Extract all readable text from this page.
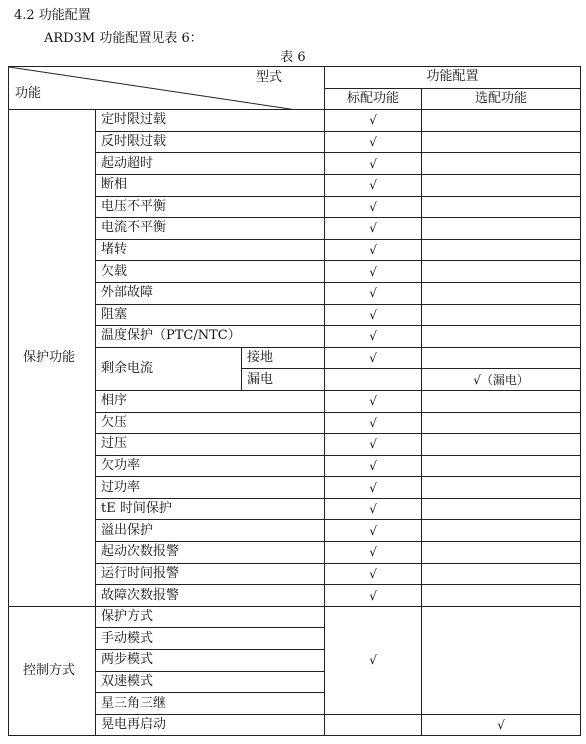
4.2 功能配置
ARD3M 功能配置见表 6：
表 6
型式
功能			功能配置	
			标配功能	选配功能
保护功能	定时限过载		√	
	反时限过载		√	
	起动超时		√	
	断相		√	
	电压不平衡		√	
	电流不平衡		√	
	堵转		√	
	欠载		√	
	外部故障		√	
	阻塞		√	
	温度保护（PTC/NTC）		√	
	剩余电流	接地	√	
		漏电		√（漏电）
	相序		√	
	欠压		√	
	过压		√	
	欠功率		√	
	过功率		√	
	tE 时间保护		√	
	溢出保护		√	
	起动次数报警		√	
	运行时间报警		√	
	故障次数报警		√	
控制方式	保护方式		√	
	手动模式			
	两步模式			
	双速模式			
	星三角三继			
	晃电再启动			√
